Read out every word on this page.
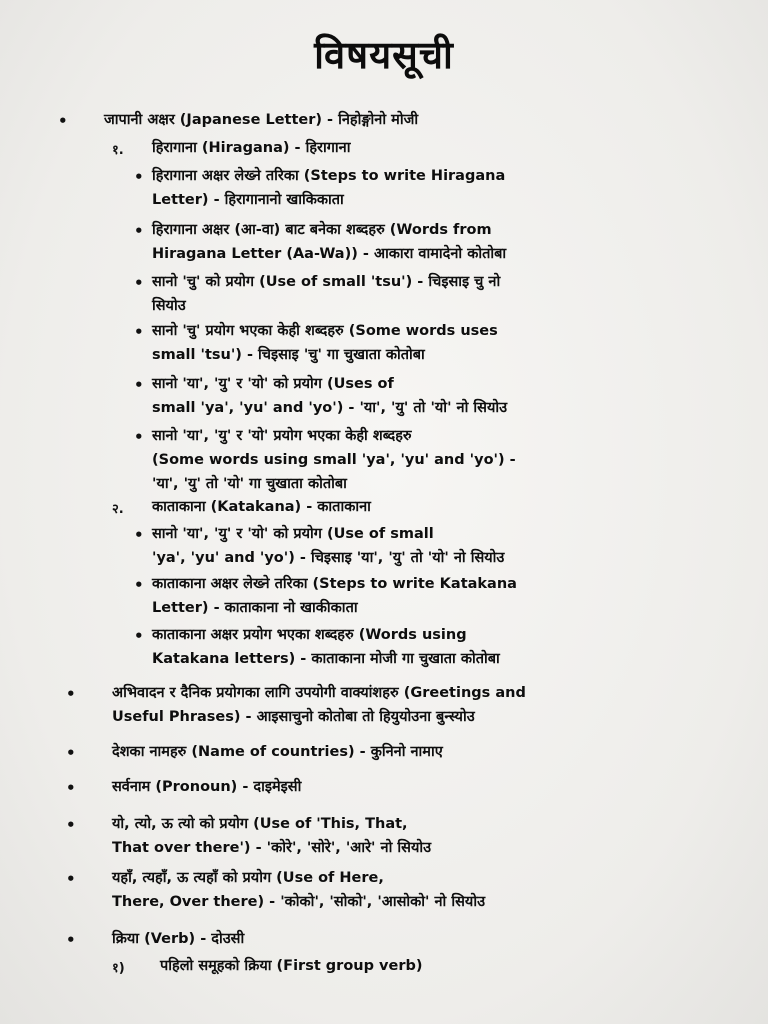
विषयसूची
•	जापानी अक्षर (Japanese Letter) - निहोङ्गोनो मोजी
१. हिरागाना (Hiragana) - हिरागाना
• हिरागाना अक्षर लेख्ने तरिका (Steps to write Hiragana
Letter) - हिरागानानो खाकिकाता
• हिरागाना अक्षर (आ-वा) बाट बनेका शब्दहरु (Words from
Hiragana Letter (Aa-Wa)) - आकारा वामादेनो कोतोबा
• सानो 'चु' को प्रयोग (Use of small 'tsu') - चिइसाइ चु नो
सियोउ
• सानो 'चु' प्रयोग भएका केही शब्दहरु (Some words uses
small 'tsu') - चिइसाइ 'चु' गा चुखाता कोतोबा
• सानो 'या', 'यु' र 'यो' को प्रयोग (Uses of
small 'ya', 'yu' and 'yo') - 'या', 'यु' तो 'यो' नो सियोउ
• सानो 'या', 'यु' र 'यो' प्रयोग भएका केही शब्दहरु
(Some words using small 'ya', 'yu' and 'yo') -
'या', 'यु' तो 'यो' गा चुखाता कोतोबा
२. काताकाना (Katakana) - काताकाना
• सानो 'या', 'यु' र 'यो' को प्रयोग (Use of small
'ya', 'yu' and 'yo') - चिइसाइ 'या', 'यु' तो 'यो' नो सियोउ
• काताकाना अक्षर लेख्ने तरिका (Steps to write Katakana
Letter) - काताकाना नो खाकीकाता
• काताकाना अक्षर प्रयोग भएका शब्दहरु (Words using
Katakana letters) - काताकाना मोजी गा चुखाता कोतोबा
•	अभिवादन र दैनिक प्रयोगका लागि उपयोगी वाक्यांशहरु (Greetings and
Useful Phrases) - आइसाचुनो कोतोबा तो हियुयोउना बुन्स्योउ
•	देशका नामहरु (Name of countries) - कुनिनो नामाए
•	सर्वनाम (Pronoun) - दाइमेइसी
•	यो, त्यो, ऊ त्यो को प्रयोग (Use of 'This, That,
That over there') - 'कोरे', 'सोरे', 'आरे' नो सियोउ
•	यहाँ, त्यहाँ, ऊ त्यहाँ को प्रयोग (Use of Here,
There, Over there) - 'कोको', 'सोको', 'आसोको' नो सियोउ
•	क्रिया (Verb) - दोउसी
१) पहिलो समूहको क्रिया (First group verb)
